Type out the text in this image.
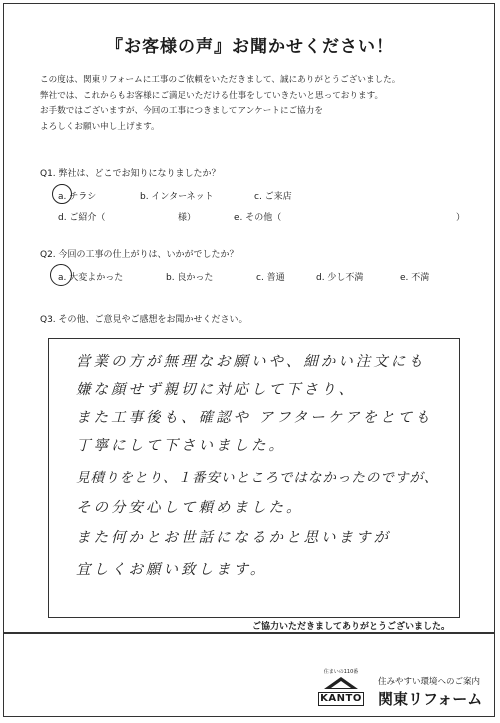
『お客様の声』お聞かせください！
この度は、関東リフォームに工事のご依頼をいただきまして、誠にありがとうございました。
弊社では、これからもお客様にご満足いただける仕事をしていきたいと思っております。
お手数ではございますが、今回の工事につきましてアンケートにご協力を
よろしくお願い申し上げます。
Q1. 弊社は、どこでお知りになりましたか？
a. チラシ	b. インターネット	c. ご来店
d. ご紹介（	様）	e. その他（	）
Q2. 今回の工事の仕上がりは、いかがでしたか？
a. 大変よかった	b. 良かった	c. 普通	d. 少し不満	e. 不満
Q3. その他、ご意見やご感想をお聞かせください。
営業の方が無理なお願いや、細かい注文にも
嫌な顔せず親切に対応して下さり、
また工事後も、確認や アフターケアをとても
丁寧にして下さいました。
見積りをとり、１番安いところではなかったのですが、
その分安心して頼めました。
また何かとお世話になるかと思いますが
宜しくお願い致します。
ご協力いただきましてありがとうございました。
住まいの110番
KANTO
住みやすい環境へのご案内
関東リフォーム
